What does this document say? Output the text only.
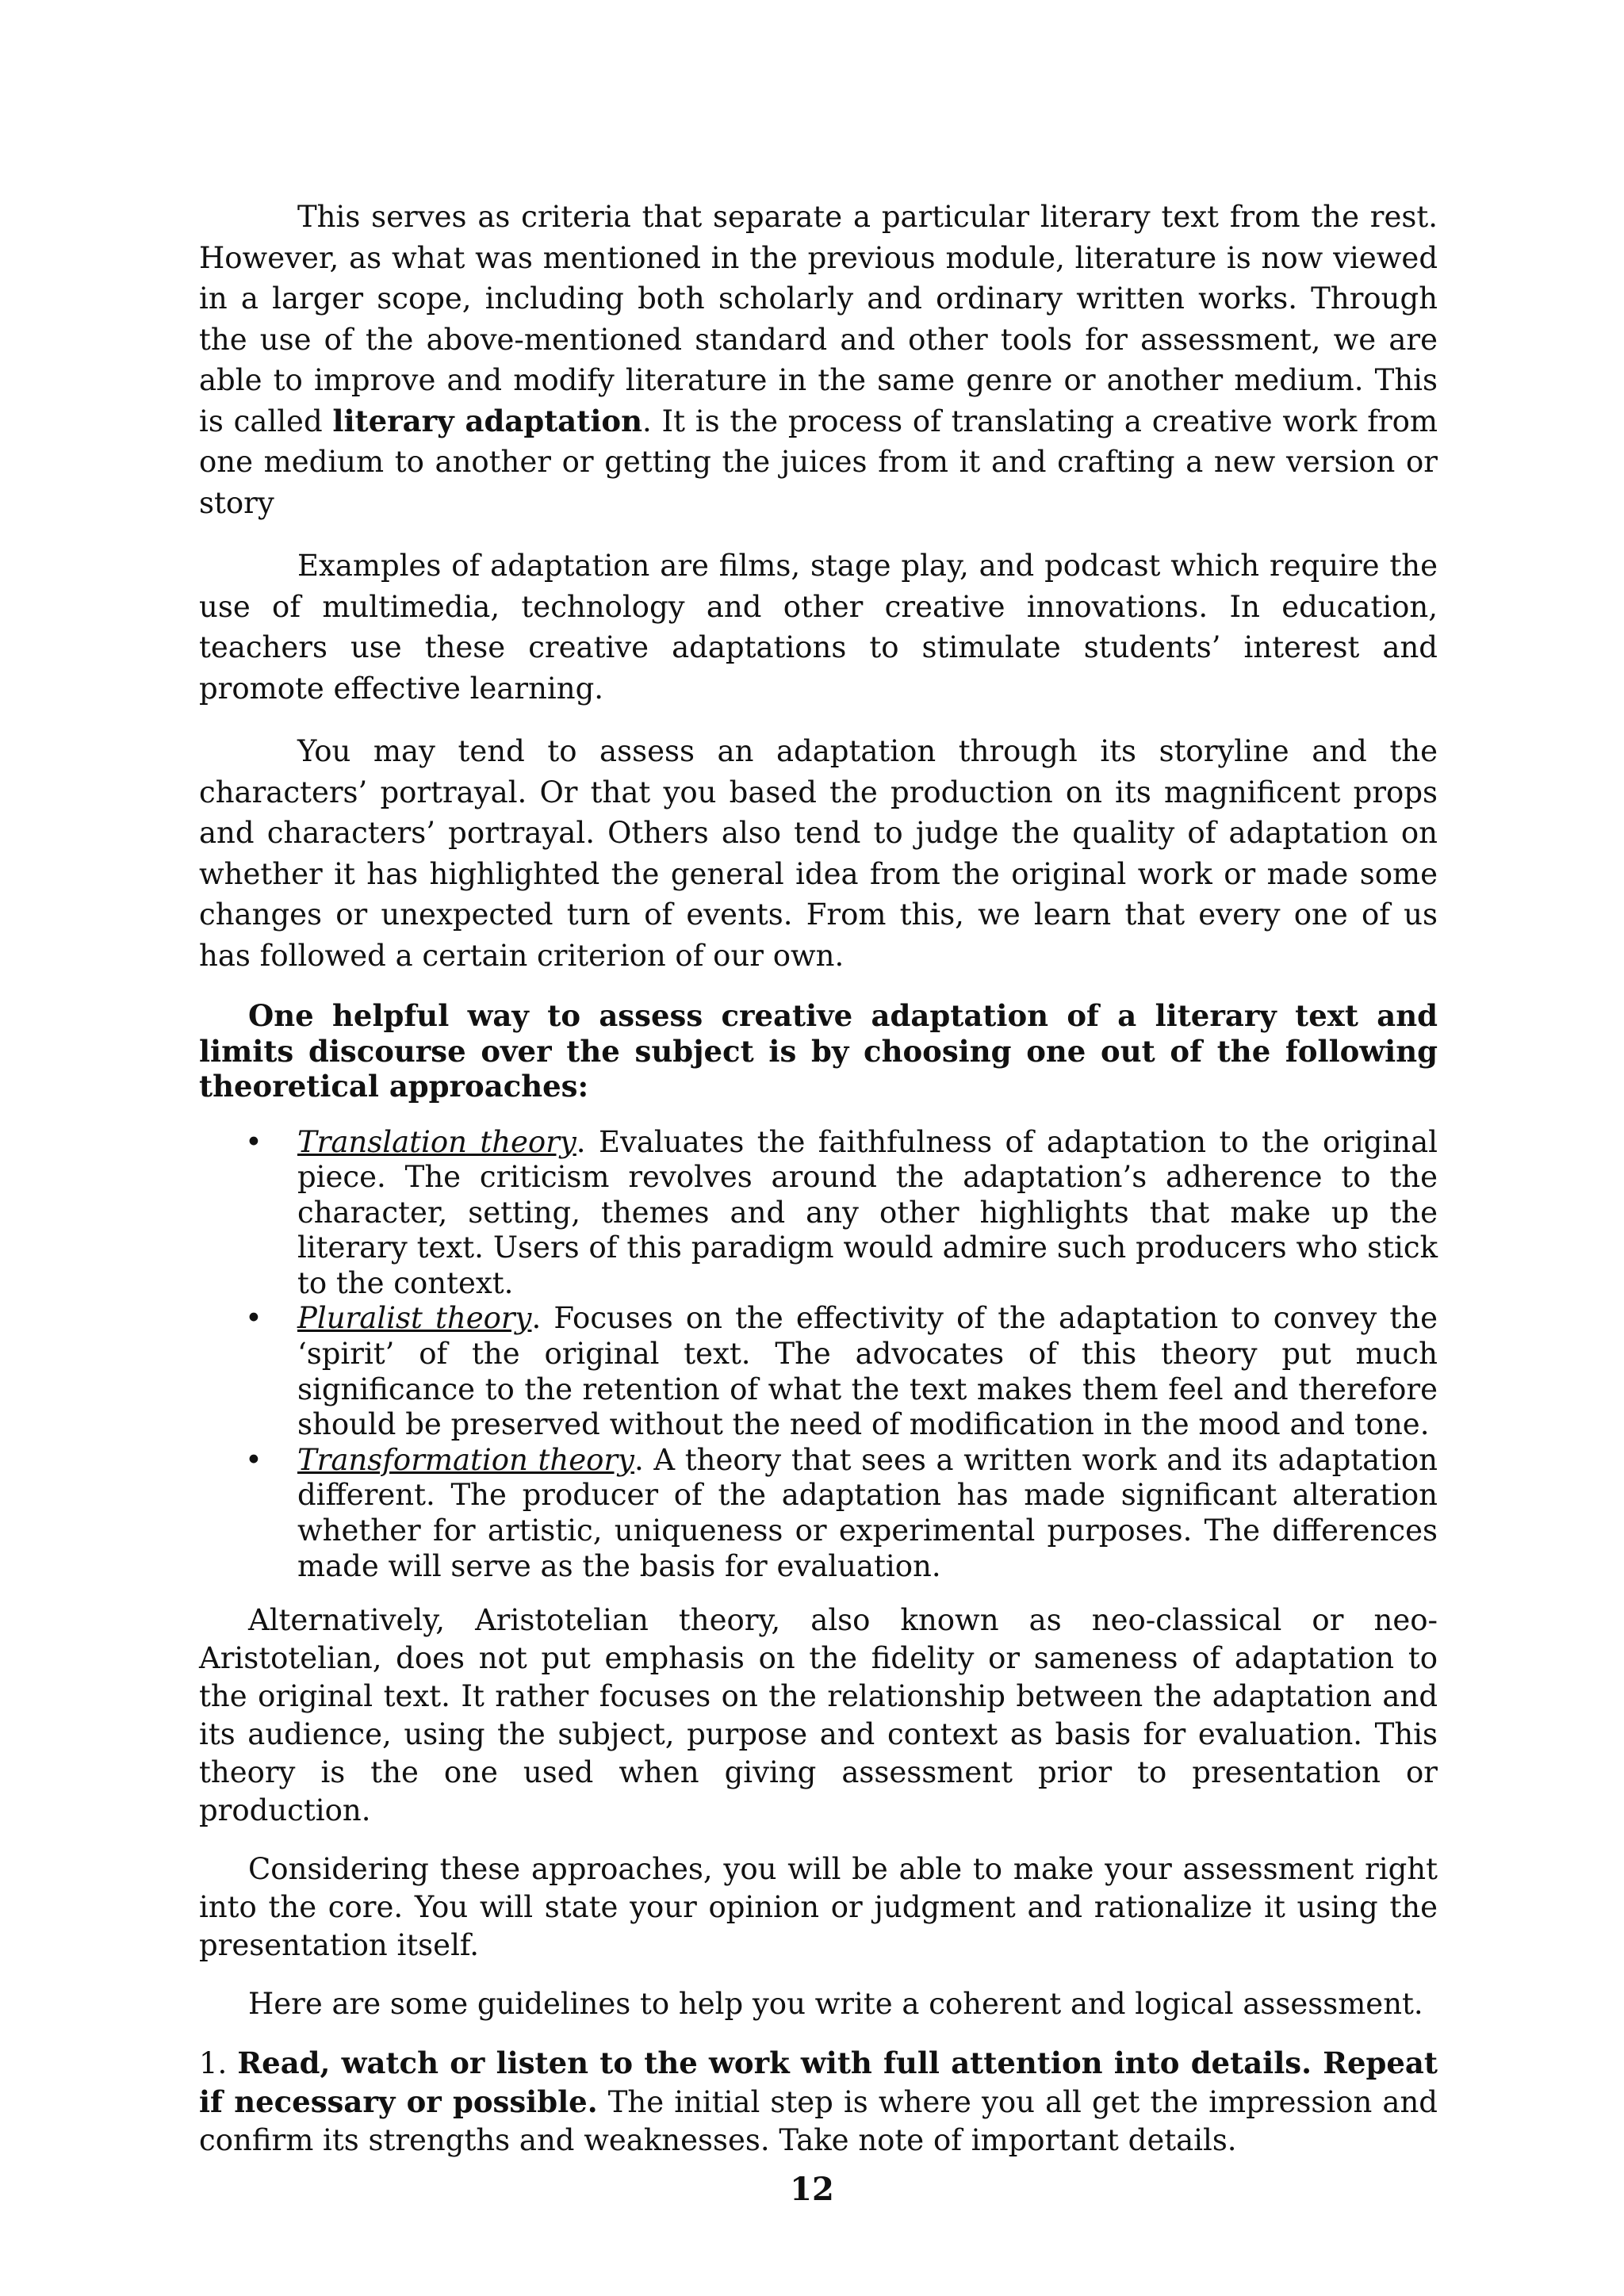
This serves as criteria that separate a particular literary text from the rest. However, as what was mentioned in the previous module, literature is now viewed in a larger scope, including both scholarly and ordinary written works. Through the use of the above-mentioned standard and other tools for assessment, we are able to improve and modify literature in the same genre or another medium. This is called literary adaptation. It is the process of translating a creative work from one medium to another or getting the juices from it and crafting a new version or story

Examples of adaptation are films, stage play, and podcast which require the use of multimedia, technology and other creative innovations. In education, teachers use these creative adaptations to stimulate students’ interest and promote effective learning.

You may tend to assess an adaptation through its storyline and the characters’ portrayal. Or that you based the production on its magnificent props and characters’ portrayal. Others also tend to judge the quality of adaptation on whether it has highlighted the general idea from the original work or made some changes or unexpected turn of events. From this, we learn that every one of us has followed a certain criterion of our own.

One helpful way to assess creative adaptation of a literary text and limits discourse over the subject is by choosing one out of the following theoretical approaches:

• Translation theory. Evaluates the faithfulness of adaptation to the original piece. The criticism revolves around the adaptation’s adherence to the character, setting, themes and any other highlights that make up the literary text. Users of this paradigm would admire such producers who stick to the context.
• Pluralist theory. Focuses on the effectivity of the adaptation to convey the ‘spirit’ of the original text. The advocates of this theory put much significance to the retention of what the text makes them feel and therefore should be preserved without the need of modification in the mood and tone.
• Transformation theory. A theory that sees a written work and its adaptation different. The producer of the adaptation has made significant alteration whether for artistic, uniqueness or experimental purposes. The differences made will serve as the basis for evaluation.

Alternatively, Aristotelian theory, also known as neo-classical or neo-Aristotelian, does not put emphasis on the fidelity or sameness of adaptation to the original text. It rather focuses on the relationship between the adaptation and its audience, using the subject, purpose and context as basis for evaluation. This theory is the one used when giving assessment prior to presentation or production.

Considering these approaches, you will be able to make your assessment right into the core. You will state your opinion or judgment and rationalize it using the presentation itself.

Here are some guidelines to help you write a coherent and logical assessment.

1. Read, watch or listen to the work with full attention into details. Repeat if necessary or possible. The initial step is where you all get the impression and confirm its strengths and weaknesses. Take note of important details.

12
